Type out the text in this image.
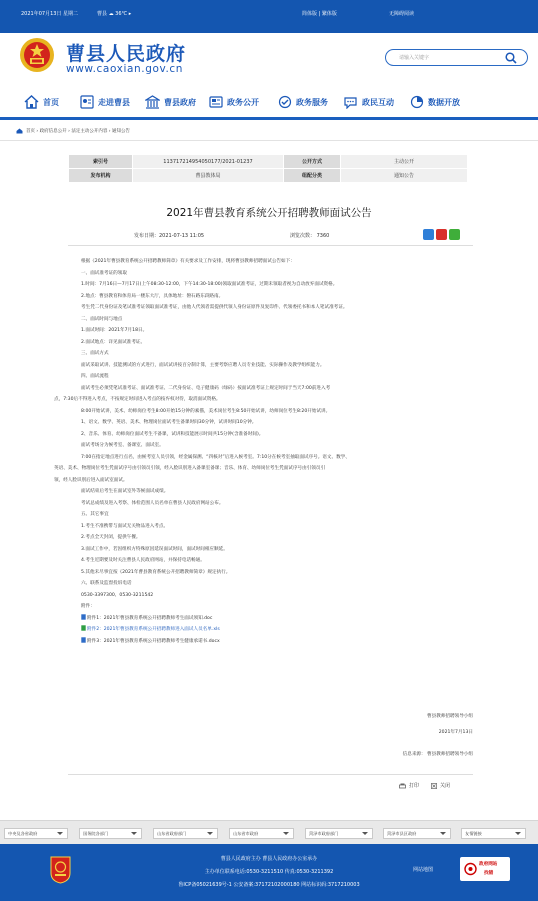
2021年07月13日 星期二	曹县 ☁ 36℃ ▸	简体版 | 繁体版	无障碍阅读
曹县人民政府
www.caoxian.gov.cn
请输入关键字
首页	走进曹县	曹县政府	政务公开	政务服务	政民互动	数据开放
首页 › 政府信息公开 › 法定主动公开内容 › 通知公告
索引号	113717214954050177/2021-01237	公开方式	主动公开
发布机构	曹县教体局	组配分类	通知公告
2021年曹县教育系统公开招聘教师面试公告
发布日期：2021-07-13 11:05	浏览次数： 7360

根据《2021年曹县教育系统公开招聘教师简章》有关要求及工作安排，现将曹县教师招聘面试公告如下：

一、面试准考证的领取

1.时间：7月16日—7月17日(上午08:30-12:00，下午14:30-18:00)领取面试准考证，过期未领取者视为自动放弃面试资格。

2.地点：曹县教育和体育局一楼东大厅，具体地址：磐石路东段路南。

考生凭二代身份证及笔试准考证领取面试准考证，由他人代领者需提供代领人身份证原件及复印件、代领委托书和本人笔试准考证。

二、面试时间与地点

1.面试时间：2021年7月18日。

2.面试地点：详见面试准考证。

三、面试方式

面试采取试讲、技能测试的方式进行，面试试讲按百分制计算，主要考察应聘人员专业技能、实际操作及教学组织能力。

四、面试流程

面试考生必须凭笔试准考证、面试准考证、二代身份证、电子健康码（绿码）按面试准考证上规定时间于当天7:00前进入考

点，7:30后不得进入考点，不按规定时间进入考点的按弃权对待，取消面试资格。

8:00开始试讲，美术、幼师岗位考生8:00开始15分钟的素描，美术岗位考生8:50开始试讲，幼师岗位考生8:20开始试讲。

1、语文、数学、英语、美术、物理岗位面试考生备课时间30分钟，试讲时间10分钟。

2、音乐、体育、幼师岗位面试考生不备课，试讲和技能展示时间共15分钟(含准备时间)。

面试考场分为候考室、备课室、面试室。

7:00在指定地点进行点名，由候考室人员引领，经金属探测、“四核对”后进入候考室。7:10分在候考室抽取面试序号。语文、数学、

英语、美术、物理岗位考生凭面试序号由引领员引领，经入脸识别进入备课室备课；音乐、体育、幼师岗位考生凭面试序号由引领员引

领，经人脸识别后进入面试室面试。

面试结束后考生在面试室外等候面试成绩。

考试总成绩及进入考察、体检范围人员名单在曹县人民政府网站公布。

五、其它事宜

1.考生不准携带与面试无关物品进入考点。

2.考点全天封闭，提供午餐。

3.面试工作中，若因组织方特殊原因延误面试时间，面试时间相应顺延。

4.考生近期要及时关注曹县人民政府网站，并保持电话畅通。

5.其他未尽事宜按《2021年曹县教育系统公开招聘教师简章》规定执行。

六、联系及监督投诉电话

0530-3397300、0530-3211542

附件：

附件1：2021年曹县教育系统公开招聘教师考生面试须知.doc

附件2：2021年曹县教育系统公开招聘教师进入面试人员名单.xls

附件3：2021年曹县教育系统公开招聘教师考生健康承诺书.docx

曹县教师招聘领导小组
2021年7月13日
信息来源： 曹县教师招聘领导小组
打印	关闭
中央及各省政府	国务院各部门	山东省政府部门	山东省市政府	菏泽市政府部门	菏泽市县区政府	友情链接
曹县人民政府主办 曹县人民政府办公室承办
主办单位联系电话:0530-3211510 传真:0530-3211392
鲁ICP备05021639号-1 公安备案:37172102000180 网站标识码:3717210003
网站地图
政府网站
找错
